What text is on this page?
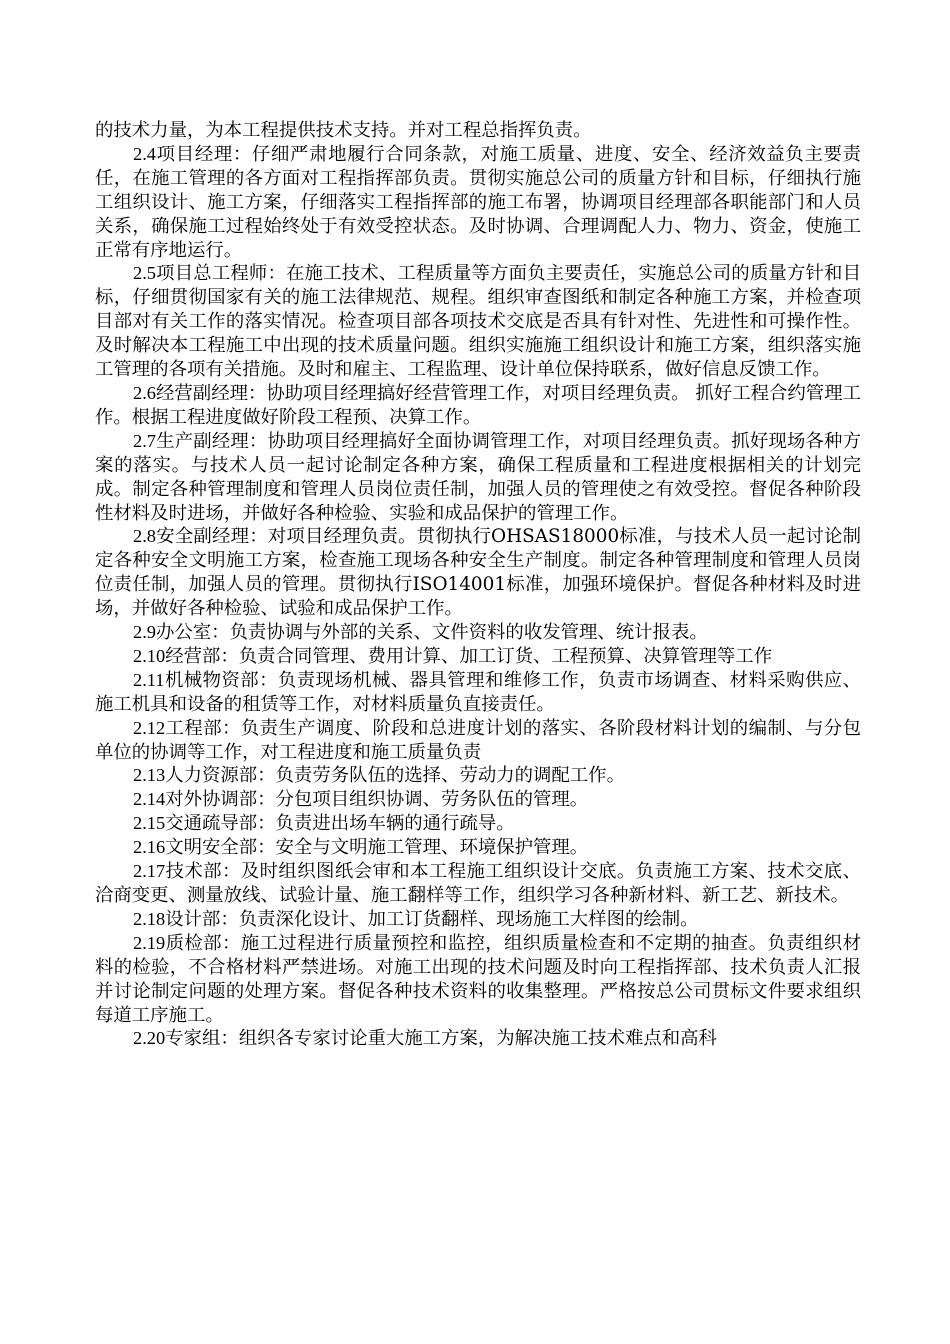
的技术力量，为本工程提供技术支持。并对工程总指挥负责。

2.4项目经理：仔细严肃地履行合同条款，对施工质量、进度、安全、经济效益负主要责任，在施工管理的各方面对工程指挥部负责。贯彻实施总公司的质量方针和目标，仔细执行施工组织设计、施工方案，仔细落实工程指挥部的施工布署，协调项目经理部各职能部门和人员关系，确保施工过程始终处于有效受控状态。及时协调、合理调配人力、物力、资金，使施工正常有序地运行。

2.5项目总工程师：在施工技术、工程质量等方面负主要责任，实施总公司的质量方针和目标，仔细贯彻国家有关的施工法律规范、规程。组织审查图纸和制定各种施工方案，并检查项目部对有关工作的落实情况。检查项目部各项技术交底是否具有针对性、先进性和可操作性。及时解决本工程施工中出现的技术质量问题。组织实施施工组织设计和施工方案，组织落实施工管理的各项有关措施。及时和雇主、工程监理、设计单位保持联系，做好信息反馈工作。

2.6经营副经理：协助项目经理搞好经营管理工作，对项目经理负责。 抓好工程合约管理工作。根据工程进度做好阶段工程预、决算工作。

2.7生产副经理：协助项目经理搞好全面协调管理工作，对项目经理负责。抓好现场各种方案的落实。与技术人员一起讨论制定各种方案，确保工程质量和工程进度根据相关的计划完成。制定各种管理制度和管理人员岗位责任制，加强人员的管理使之有效受控。督促各种阶段性材料及时进场，并做好各种检验、实验和成品保护的管理工作。

2.8安全副经理：对项目经理负责。贯彻执行OHSAS18000标准，与技术人员一起讨论制定各种安全文明施工方案，检查施工现场各种安全生产制度。制定各种管理制度和管理人员岗位责任制，加强人员的管理。贯彻执行ISO14001标准，加强环境保护。督促各种材料及时进场，并做好各种检验、试验和成品保护工作。

2.9办公室：负责协调与外部的关系、文件资料的收发管理、统计报表。

2.10经营部：负责合同管理、费用计算、加工订货、工程预算、决算管理等工作

2.11机械物资部：负责现场机械、器具管理和维修工作，负责市场调查、材料采购供应、施工机具和设备的租赁等工作，对材料质量负直接责任。

2.12工程部：负责生产调度、阶段和总进度计划的落实、各阶段材料计划的编制、与分包单位的协调等工作，对工程进度和施工质量负责

2.13人力资源部：负责劳务队伍的选择、劳动力的调配工作。

2.14对外协调部：分包项目组织协调、劳务队伍的管理。

2.15交通疏导部：负责进出场车辆的通行疏导。

2.16文明安全部：安全与文明施工管理、环境保护管理。

2.17技术部：及时组织图纸会审和本工程施工组织设计交底。负责施工方案、技术交底、洽商变更、测量放线、试验计量、施工翻样等工作，组织学习各种新材料、新工艺、新技术。

2.18设计部：负责深化设计、加工订货翻样、现场施工大样图的绘制。

2.19质检部：施工过程进行质量预控和监控，组织质量检查和不定期的抽查。负责组织材料的检验，不合格材料严禁进场。对施工出现的技术问题及时向工程指挥部、技术负责人汇报并讨论制定问题的处理方案。督促各种技术资料的收集整理。严格按总公司贯标文件要求组织每道工序施工。

2.20专家组：组织各专家讨论重大施工方案，为解决施工技术难点和高科
